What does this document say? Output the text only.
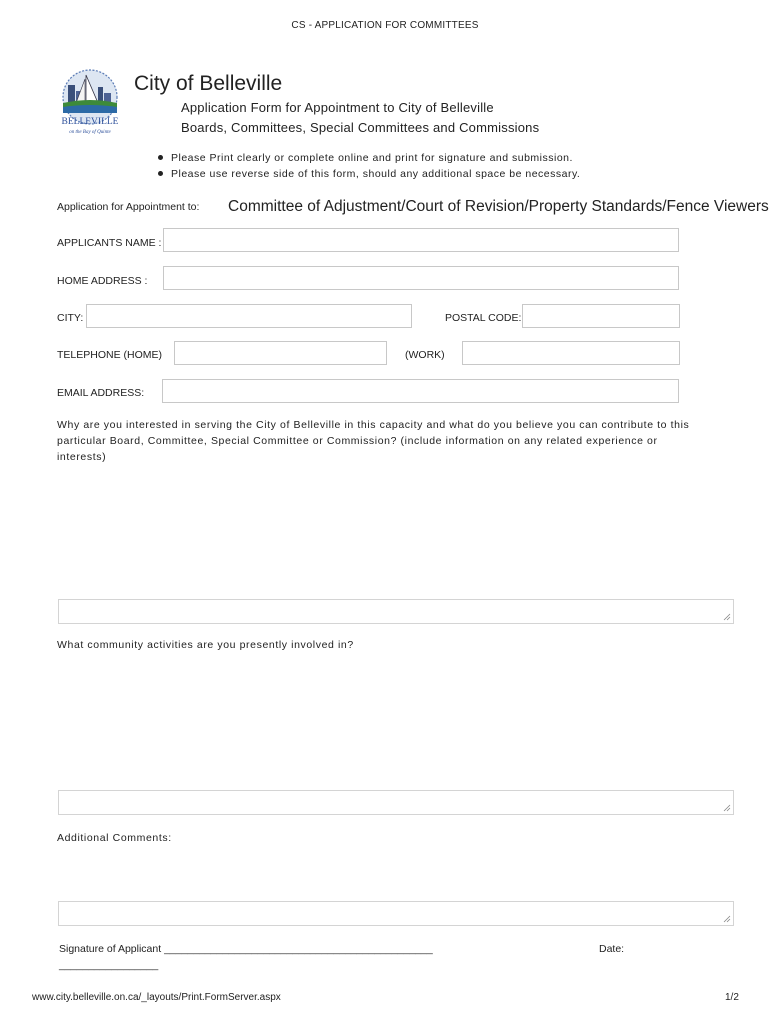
CS - APPLICATION FOR COMMITTEES
BELLEVILLE
on the Bay of Quinte
City of Belleville
Application Form for Appointment to City of Belleville
Boards, Committees, Special Committees and Commissions
Please Print clearly or complete online and print for signature and submission.
Please use reverse side of this form, should any additional space be necessary.
Application for Appointment to: Committee of Adjustment/Court of Revision/Property Standards/Fence Viewers
APPLICANTS NAME :
HOME ADDRESS :
CITY:	POSTAL CODE:
TELEPHONE (HOME)	(WORK)
EMAIL ADDRESS:
Why are you interested in serving the City of Belleville in this capacity and what do you believe you can contribute to this particular Board, Committee, Special Committee or Commission? (include information on any related experience or interests)
What community activities are you presently involved in?
Additional Comments:
Signature of Applicant ______________________________________________	Date:
_________________
www.city.belleville.on.ca/_layouts/Print.FormServer.aspx	1/2
